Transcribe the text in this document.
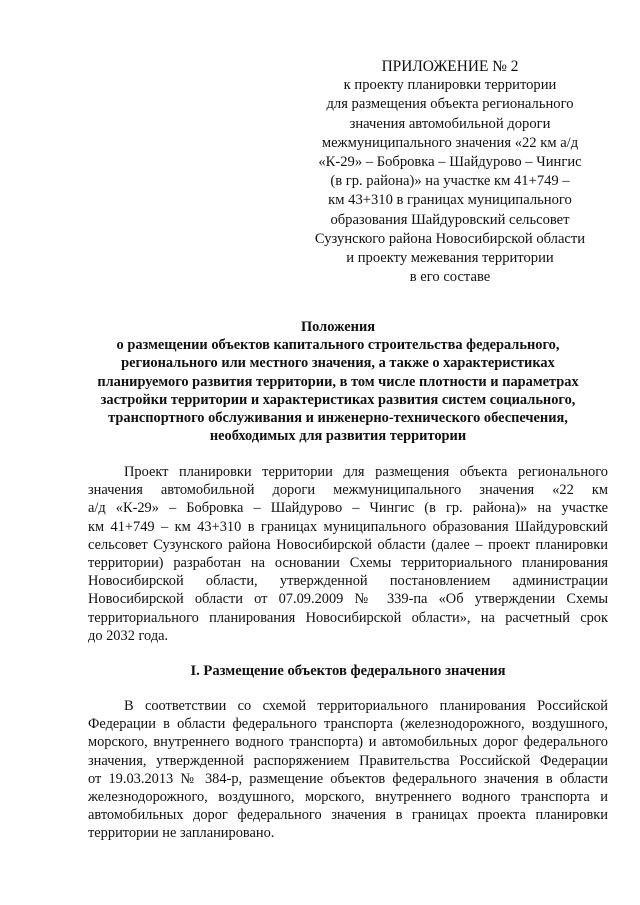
ПРИЛОЖЕНИЕ № 2
к проекту планировки территории
для размещения объекта регионального
значения автомобильной дороги
межмуниципального значения «22 км а/д
«К-29» – Бобровка – Шайдурово – Чингис
(в гр. района)» на участке км 41+749 –
км 43+310 в границах муниципального
образования Шайдуровский сельсовет
Сузунского района Новосибирской области
и проекту межевания территории
в его составе
Положения
о размещении объектов капитального строительства федерального,
регионального или местного значения, а также о характеристиках
планируемого развития территории, в том числе плотности и параметрах
застройки территории и характеристиках развития систем социального,
транспортного обслуживания и инженерно-технического обеспечения,
необходимых для развития территории
Проект планировки территории для размещения объекта регионального
значения автомобильной дороги межмуниципального значения «22 км
а/д «К-29» – Бобровка – Шайдурово – Чингис (в гр. района)» на участке
км 41+749 – км 43+310 в границах муниципального образования Шайдуровский
сельсовет Сузунского района Новосибирской области (далее – проект планировки
территории) разработан на основании Схемы территориального планирования
Новосибирской области, утвержденной постановлением администрации
Новосибирской области от 07.09.2009 № 339-па «Об утверждении Схемы
территориального планирования Новосибирской области», на расчетный срок
до 2032 года.
I. Размещение объектов федерального значения
В соответствии со схемой территориального планирования Российской
Федерации в области федерального транспорта (железнодорожного, воздушного,
морского, внутреннего водного транспорта) и автомобильных дорог федерального
значения, утвержденной распоряжением Правительства Российской Федерации
от 19.03.2013 № 384-р, размещение объектов федерального значения в области
железнодорожного, воздушного, морского, внутреннего водного транспорта и
автомобильных дорог федерального значения в границах проекта планировки
территории не запланировано.
